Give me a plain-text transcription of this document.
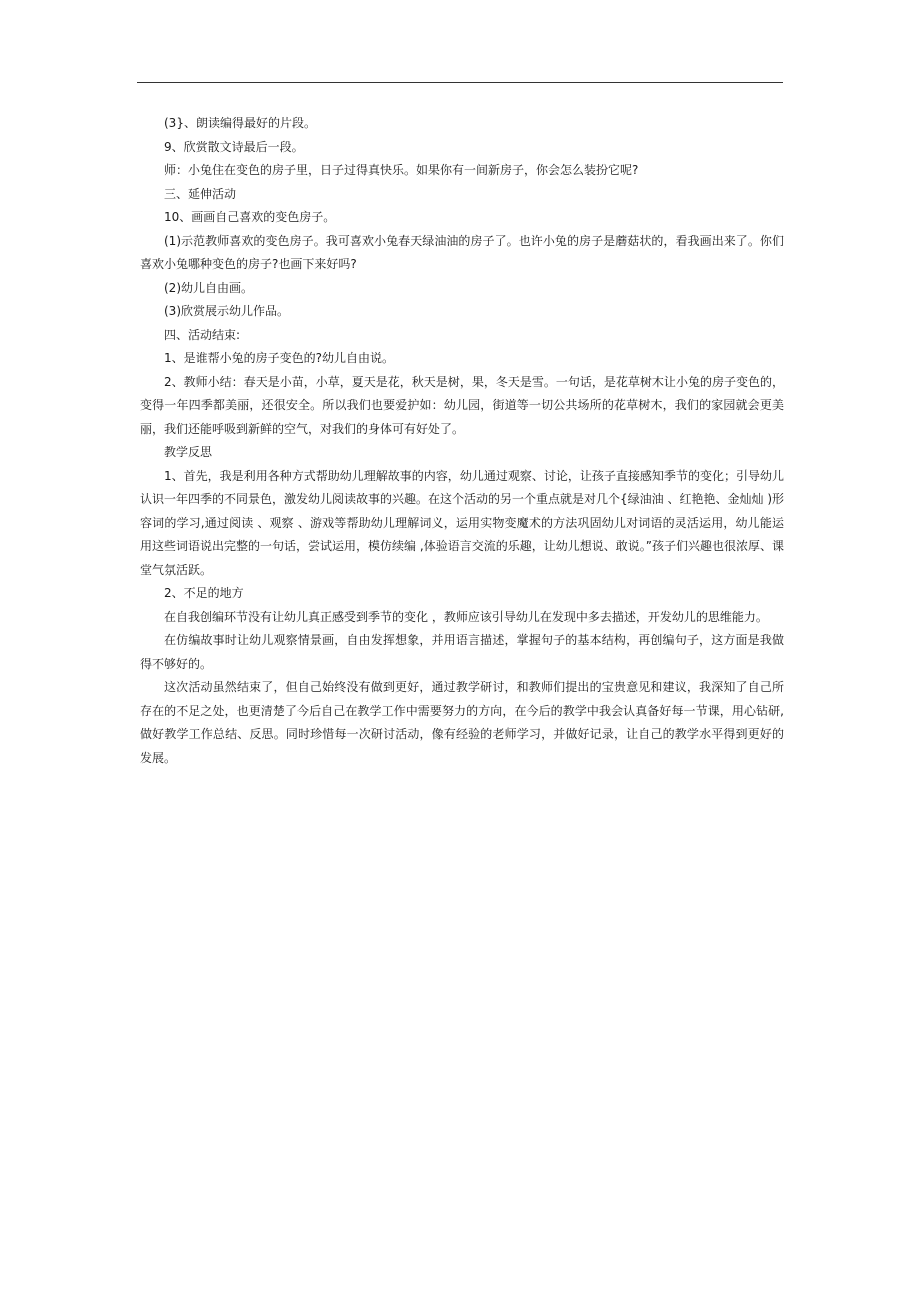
(3}、朗读编得最好的片段。

9、欣赏散文诗最后一段。

师：小兔住在变色的房子里，日子过得真快乐。如果你有一间新房子，你会怎么装扮它呢?

三、延伸活动

10、画画自己喜欢的变色房子。

(1)示范教师喜欢的变色房子。我可喜欢小兔春天绿油油的房子了。也许小兔的房子是蘑菇状的，看我画出来了。你们喜欢小兔哪种变色的房子?也画下来好吗?

(2)幼儿自由画。

(3)欣赏展示幼儿作品。

四、活动结束:

1、是谁帮小兔的房子变色的?幼儿自由说。

2、教师小结：春天是小苗，小草，夏天是花，秋天是树，果，冬天是雪。一句话，是花草树木让小兔的房子变色的，变得一年四季都美丽，还很安全。所以我们也要爱护如：幼儿园，街道等一切公共场所的花草树木，我们的家园就会更美丽，我们还能呼吸到新鲜的空气，对我们的身体可有好处了。

教学反思

1、首先，我是利用各种方式帮助幼儿理解故事的内容，幼儿通过观察、讨论，让孩子直接感知季节的变化；引导幼儿认识一年四季的不同景色，激发幼儿阅读故事的兴趣。在这个活动的另一个重点就是对几个{绿油油 、红艳艳、金灿灿 )形容词的学习,通过阅读 、观察 、游戏等帮助幼儿理解词义，运用实物变魔术的方法巩固幼儿对词语的灵活运用，幼儿能运用这些词语说出完整的一句话，尝试运用，模仿续编 ,体验语言交流的乐趣，让幼儿想说、敢说。”孩子们兴趣也很浓厚、课堂气氛活跃。

2、不足的地方

在自我创编环节没有让幼儿真正感受到季节的变化 ，教师应该引导幼儿在发现中多去描述，开发幼儿的思维能力。

在仿编故事时让幼儿观察情景画，自由发挥想象，并用语言描述，掌握句子的基本结构，再创编句子，这方面是我做得不够好的。

这次活动虽然结束了，但自己始终没有做到更好，通过教学研讨，和教师们提出的宝贵意见和建议，我深知了自己所存在的不足之处，也更清楚了今后自己在教学工作中需要努力的方向，在今后的教学中我会认真备好每一节课，用心钻研,做好教学工作总结、反思。同时珍惜每一次研讨活动，像有经验的老师学习，并做好记录，让自己的教学水平得到更好的发展。
